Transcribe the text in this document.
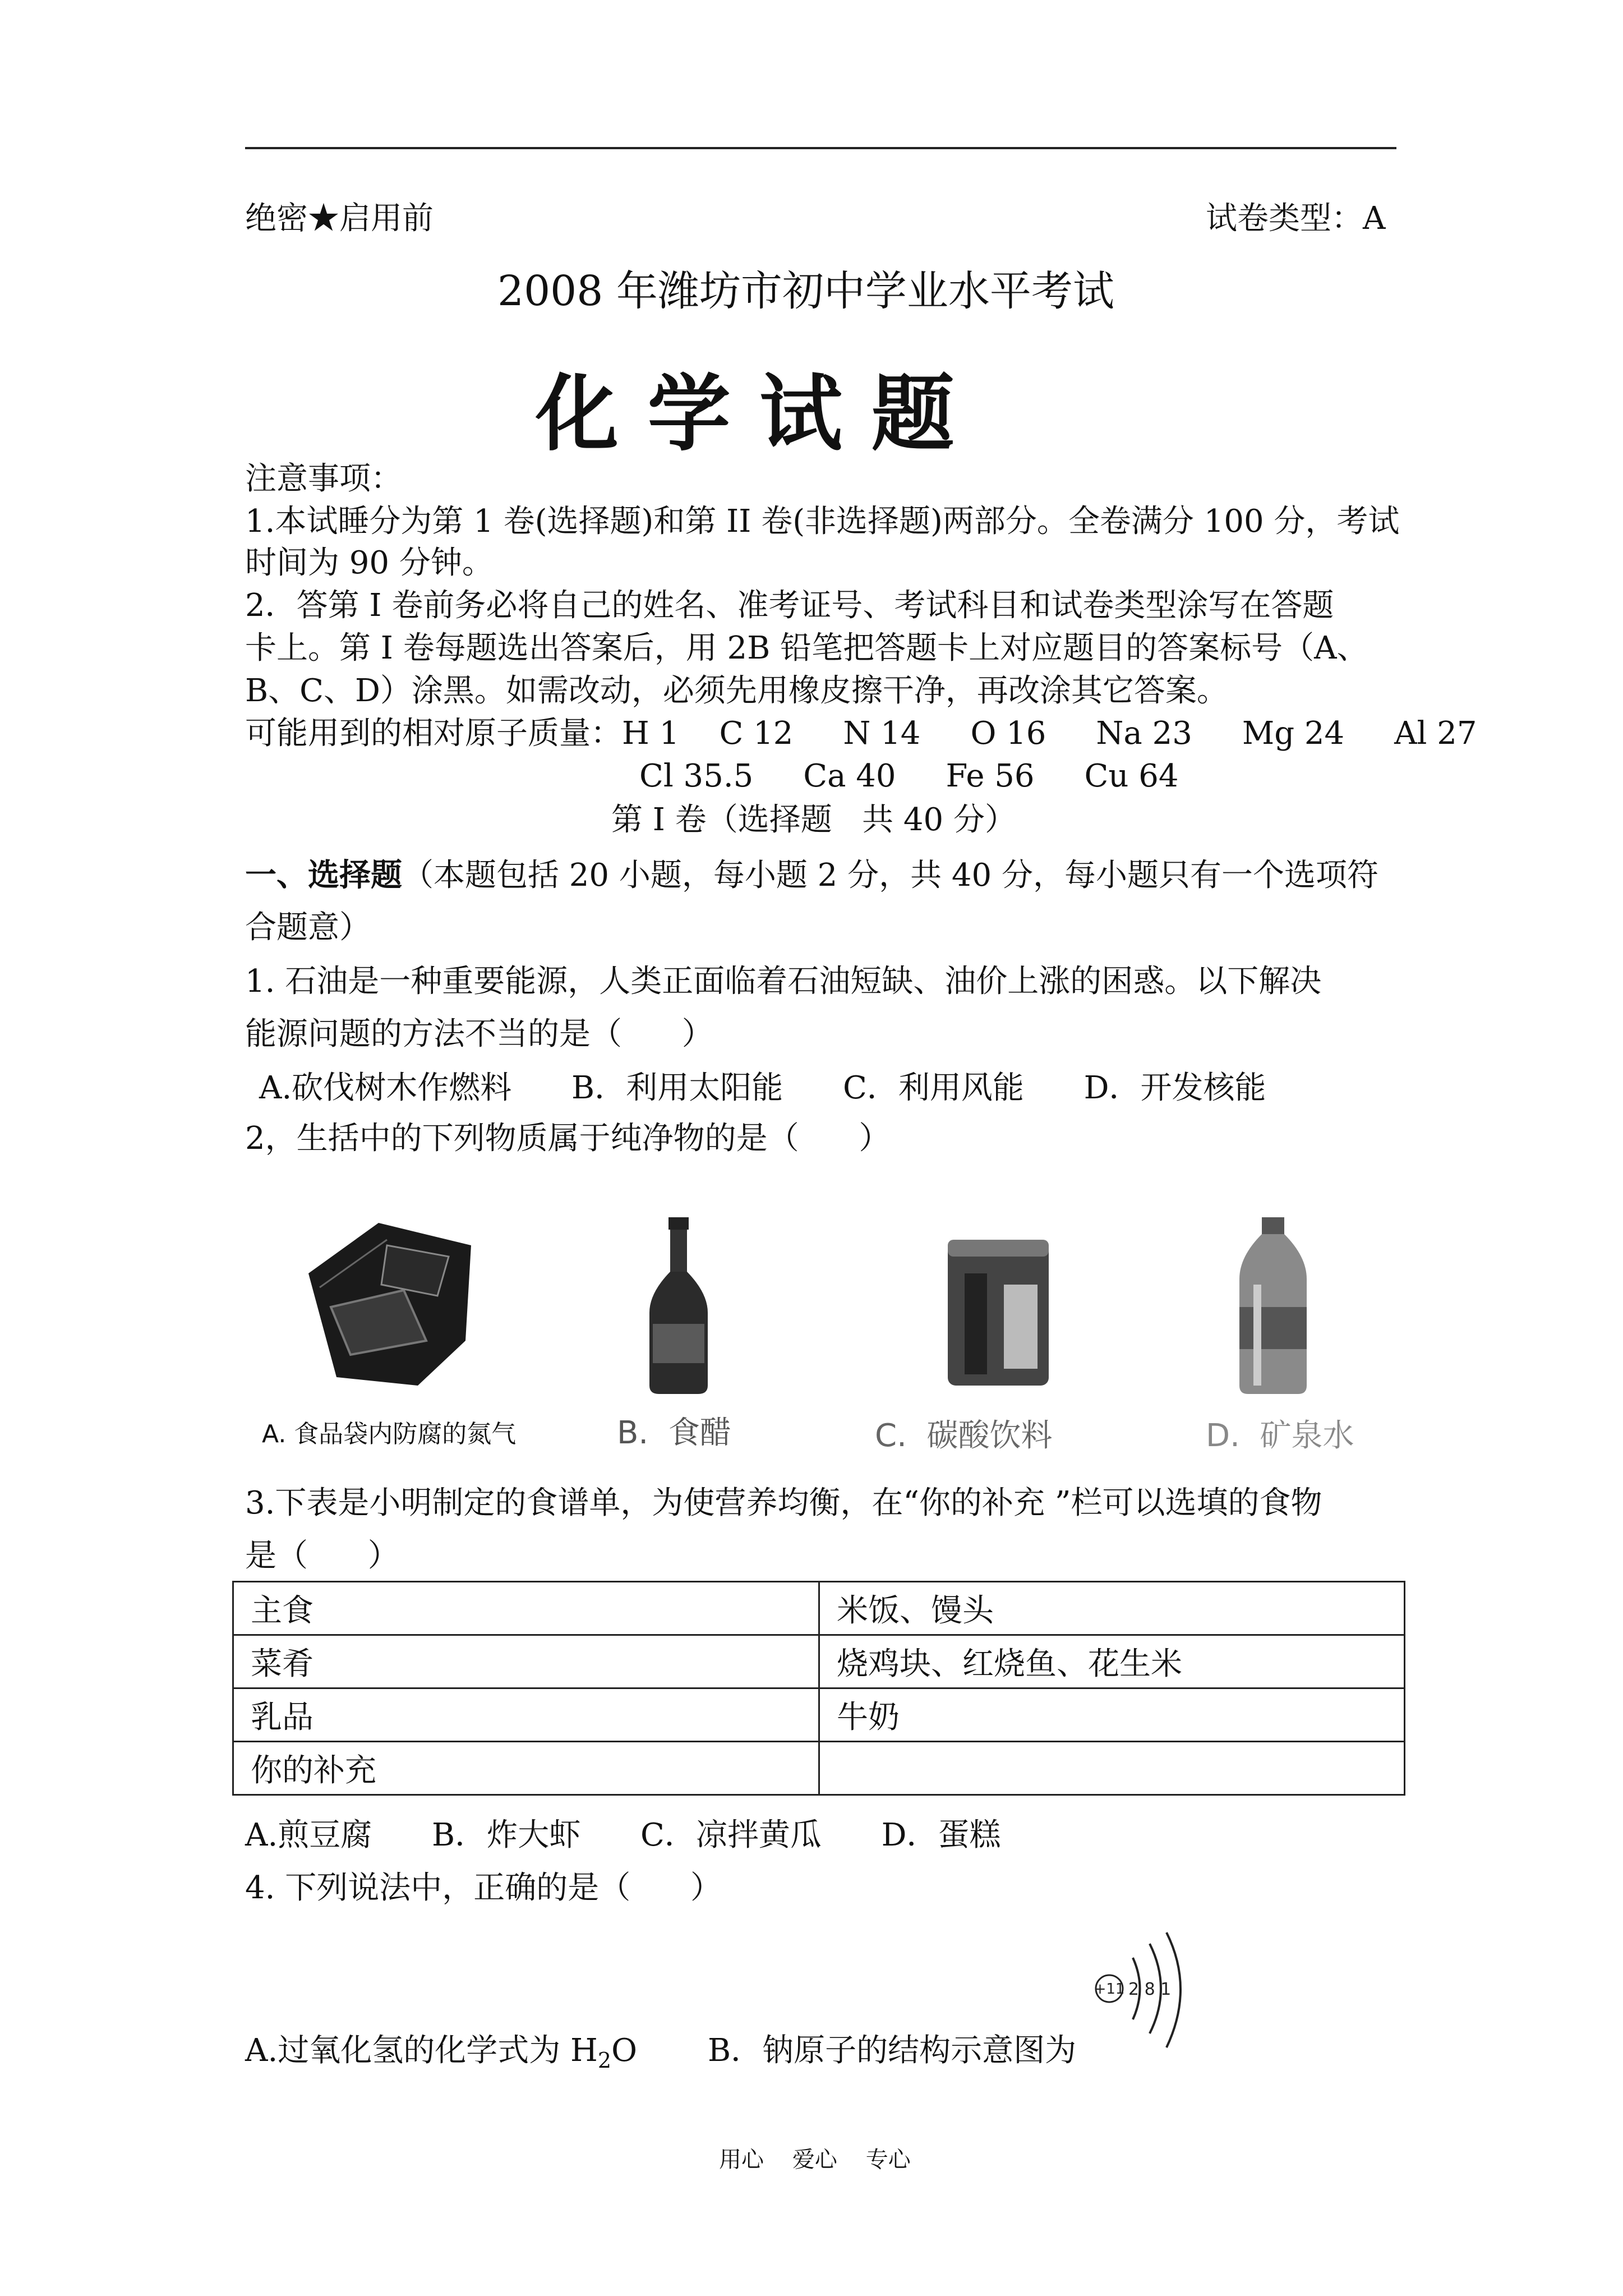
绝密★启用前	试卷类型：A
2008 年潍坊市初中学业水平考试
化 学 试 题
注意事项：
1.本试睡分为第 1 卷(选择题)和第 II 卷(非选择题)两部分。全卷满分 100 分，考试
时间为 90 分钟。
2．答第 I 卷前务必将自己的姓名、准考证号、考试科目和试卷类型涂写在答题
卡上。第 I 卷每题选出答案后，用 2B 铅笔把答题卡上对应题目的答案标号（A、
B、C、D）涂黑。如需改动，必须先用橡皮擦干净，再改涂其它答案。
可能用到的相对原子质量：H 1    C 12     N 14     O 16     Na 23     Mg 24     Al 27
Cl 35.5     Ca 40     Fe 56     Cu 64
第 I 卷（选择题   共 40 分）
一、选择题（本题包括 20 小题，每小题 2 分，共 40 分，每小题只有一个选项符
合题意）
1. 石油是一种重要能源，人类正面临着石油短缺、油价上涨的困惑。以下解决
能源问题的方法不当的是（      ）
A.砍伐树木作燃料      B．利用太阳能      C．利用风能      D．开发核能
2，生括中的下列物质属于纯净物的是（      ）
A. 食品袋内防腐的氮气	B.  食醋	C.  碳酸饮料	D.  矿泉水
3.下表是小明制定的食谱单，为使营养均衡，在“你的补充 ”栏可以选填的食物
是（      ）
主食	米饭、馒头
菜肴	烧鸡块、红烧鱼、花生米
乳品	牛奶
你的补充	
A.煎豆腐      B．炸大虾      C．凉拌黄瓜      D．蛋糕
4. 下列说法中，正确的是（      ）
A.过氧化氢的化学式为 $H_2O$ B．钠原子的结构示意图为
+11 2 8 1
用心    爱心    专心
